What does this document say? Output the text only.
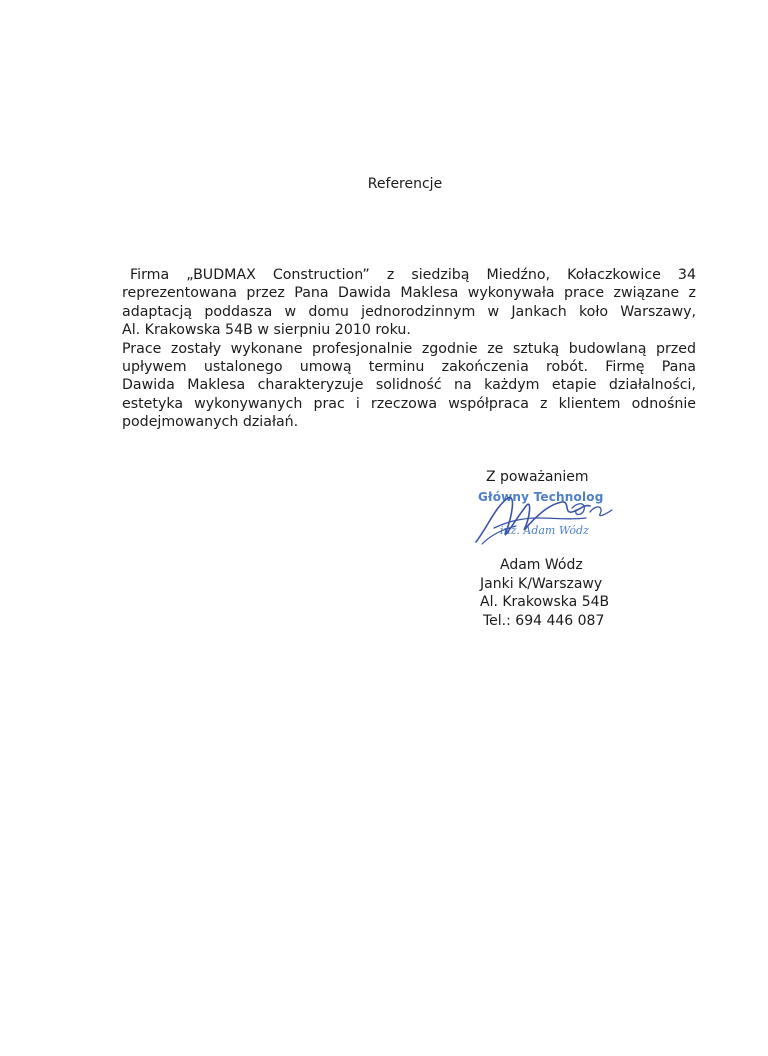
Referencje
Firma „BUDMAX Construction” z siedzibą Miedźno, Kołaczkowice 34
reprezentowana przez Pana Dawida Maklesa wykonywała prace związane z
adaptacją poddasza w domu jednorodzinnym w Jankach koło Warszawy,
Al. Krakowska 54B w sierpniu 2010 roku.
Prace zostały wykonane profesjonalnie zgodnie ze sztuką budowlaną przed
upływem ustalonego umową terminu zakończenia robót. Firmę Pana
Dawida Maklesa charakteryzuje solidność na każdym etapie działalności,
estetyka wykonywanych prac i rzeczowa współpraca z klientem odnośnie
podejmowanych działań.
Z poważaniem
Główny Technolog
inż. Adam Wódz
Adam Wódz
Janki K/Warszawy
Al. Krakowska 54B
Tel.: 694 446 087
